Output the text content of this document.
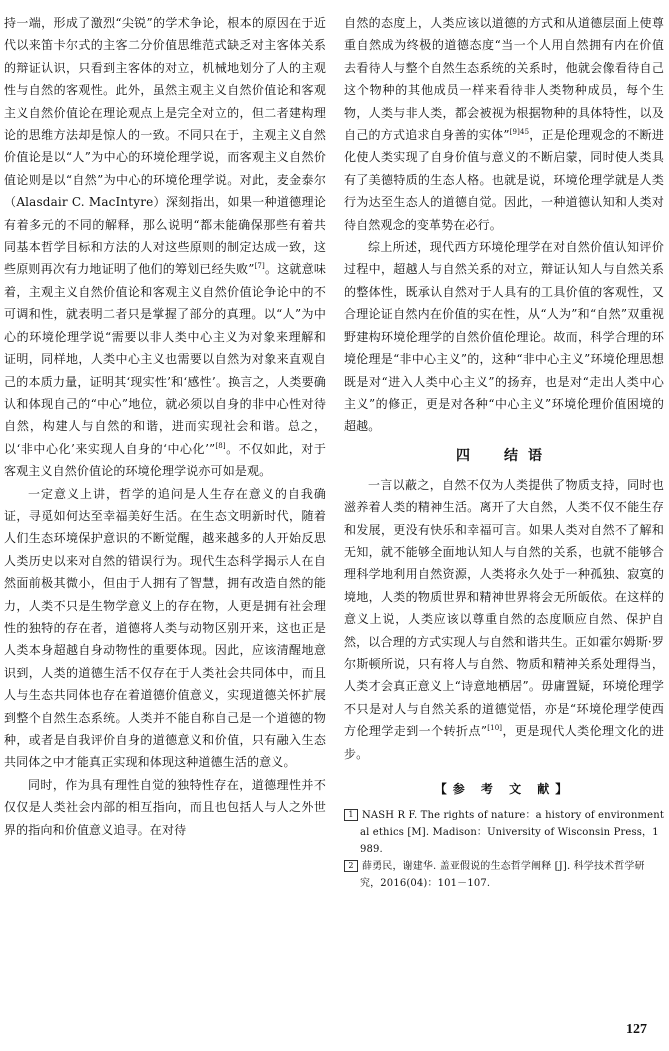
持一端，形成了激烈“尖锐”的学术争论，根本的原因在于近代以来笛卡尔式的主客二分价值思维范式缺乏对主客体关系的辩证认识，只看到主客体的对立，机械地划分了人的主观性与自然的客观性。此外，虽然主观主义自然价值论和客观主义自然价值论在理论观点上是完全对立的，但二者建构理论的思维方法却是惊人的一致。不同只在于，主观主义自然价值论是以“人”为中心的环境伦理学说，而客观主义自然价值论则是以“自然”为中心的环境伦理学说。对此，麦金泰尔（Alasdair C. MacIntyre）深刻指出，如果一种道德理论有着多元的不同的解释，那么说明“都未能确保那些有着共同基本哲学目标和方法的人对这些原则的制定达成一致，这些原则再次有力地证明了他们的筹划已经失败”[7]。这就意味着，主观主义自然价值论和客观主义自然价值论争论中的不可调和性，就表明二者只是掌握了部分的真理。以“人”为中心的环境伦理学说“需要以非人类中心主义为对象来理解和证明，同样地，人类中心主义也需要以自然为对象来直观自己的本质力量，证明其‘现实性’和‘感性’。换言之，人类要确认和体现自己的“中心”地位，就必须以自身的非中心性对待自然，构建人与自然的和谐，进而实现社会和谐。总之，以‘非中心化’来实现人自身的‘中心化’”[8]。不仅如此，对于客观主义自然价值论的环境伦理学说亦可如是观。

一定意义上讲，哲学的追问是人生存在意义的自我确证，寻觅如何达至幸福美好生活。在生态文明新时代，随着人们生态环境保护意识的不断觉醒，越来越多的人开始反思人类历史以来对自然的错误行为。现代生态科学揭示人在自然面前极其微小，但由于人拥有了智慧，拥有改造自然的能力，人类不只是生物学意义上的存在物，人更是拥有社会理性的独特的存在者，道德将人类与动物区别开来，这也正是人类本身超越自身动物性的重要体现。因此，应该清醒地意识到，人类的道德生活不仅存在于人类社会共同体中，而且人与生态共同体也存在着道德价值意义，实现道德关怀扩展到整个自然生态系统。人类并不能自称自己是一个道德的物种，或者是自我评价自身的道德意义和价值，只有融入生态共同体之中才能真正实现和体现这种道德生活的意义。

同时，作为具有理性自觉的独特性存在，道德理性并不仅仅是人类社会内部的相互指向，而且也包括人与人之外世界的指向和价值意义追寻。在对待

自然的态度上，人类应该以道德的方式和从道德层面上使尊重自然成为终极的道德态度“当一个人用自然拥有内在价值去看待人与整个自然生态系统的关系时，他就会像看待自己这个物种的其他成员一样来看待非人类物种成员，每个生物，人类与非人类，都会被视为根据物种的具体特性，以及自己的方式追求自身善的实体”$^{[9]45}$，正是伦理观念的不断进化使人类实现了自身价值与意义的不断启蒙，同时使人类具有了美德特质的生态人格。也就是说，环境伦理学就是人类行为达至生态人的道德自觉。因此，一种道德认知和人类对待自然观念的变革势在必行。

综上所述，现代西方环境伦理学在对自然价值认知评价过程中，超越人与自然关系的对立，辩证认知人与自然关系的整体性，既承认自然对于人具有的工具价值的客观性，又合理论证自然内在价值的实在性，从“人为”和“自然”双重视野建构环境伦理学的自然价值伦理论。故而，科学合理的环境伦理是“非中心主义”的，这种“非中心主义”环境伦理思想既是对“进入人类中心主义”的扬弃，也是对“走出人类中心主义”的修正，更是对各种“中心主义”环境伦理价值困境的超越。

四　结语

一言以蔽之，自然不仅为人类提供了物质支持，同时也滋养着人类的精神生活。离开了大自然，人类不仅不能生存和发展，更没有快乐和幸福可言。如果人类对自然不了解和无知，就不能够全面地认知人与自然的关系，也就不能够合理科学地利用自然资源，人类将永久处于一种孤独、寂寞的境地，人类的物质世界和精神世界将会无所皈依。在这样的意义上说，人类应该以尊重自然的态度顺应自然、保护自然，以合理的方式实现人与自然和谐共生。正如霍尔姆斯·罗尔斯顿所说，只有将人与自然、物质和精神关系处理得当，人类才会真正意义上“诗意地栖居”。毋庸置疑，环境伦理学不只是对人与自然关系的道德觉悟，亦是“环境伦理学使西方伦理学走到一个转折点”[10]，更是现代人类伦理文化的进步。

【参 考 文 献】

1 NASH R F. The rights of nature：a history of environmental ethics [M]. Madison：University of Wisconsin Press，1989.

2 薛勇民，谢建华. 盖亚假说的生态哲学阐释 [J]. 科学技术哲学研究，2016(04)：101－107.

127
